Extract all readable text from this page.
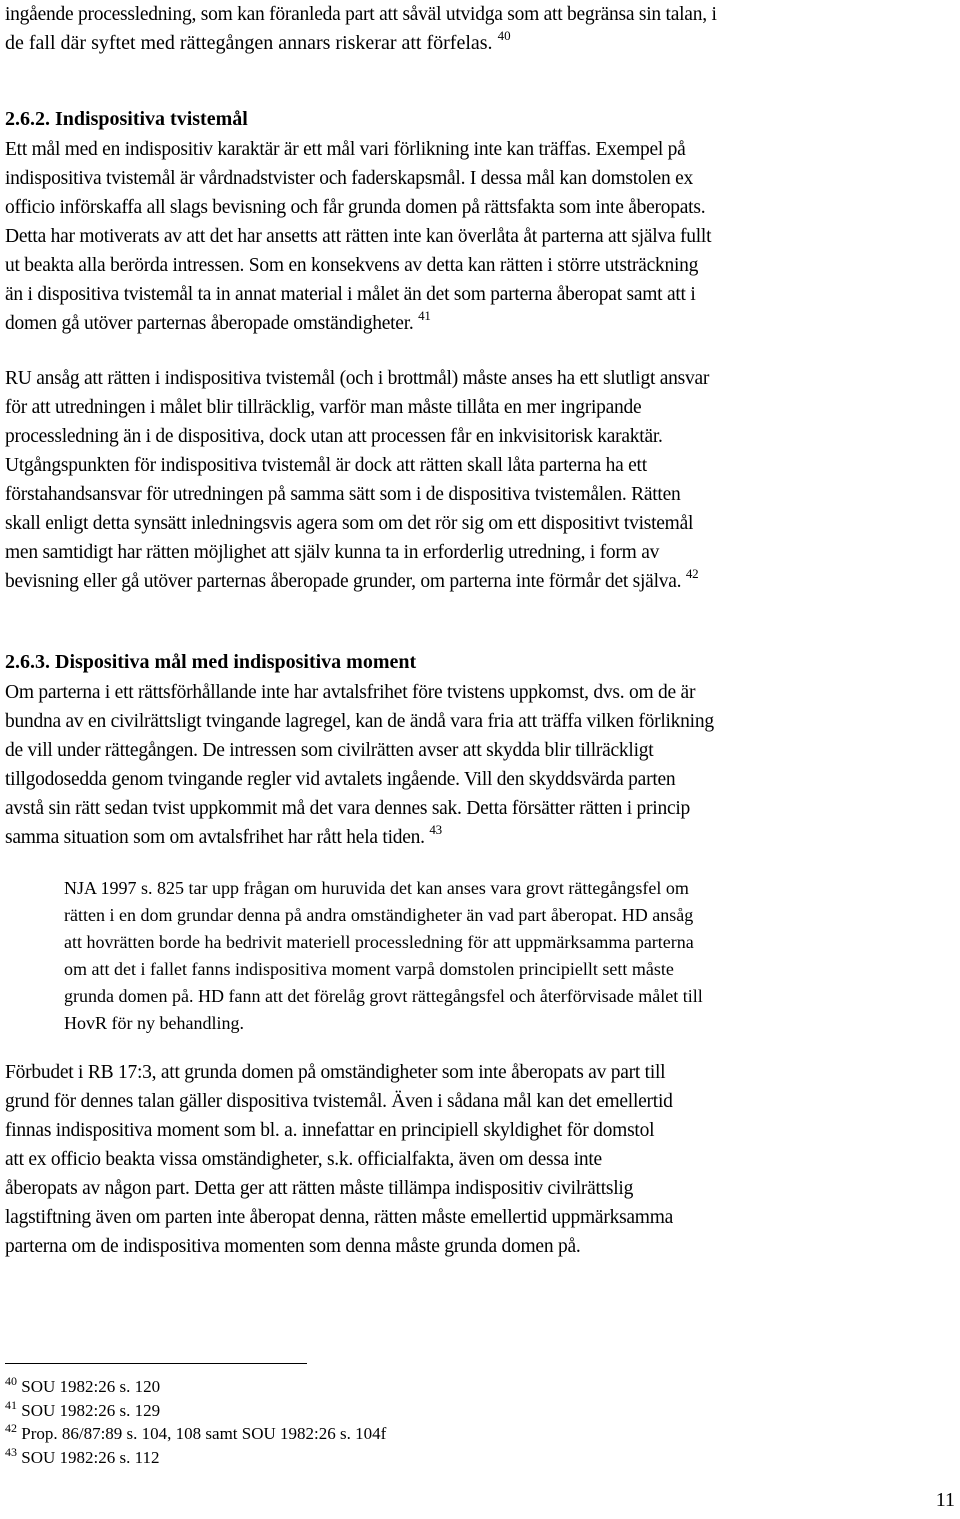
ingående processledning, som kan föranleda part att såväl utvidga som att begränsa sin talan, i

de fall där syftet med rättegången annars riskerar att förfelas. $^{40}$

2.6.2. Indispositiva tvistemål

Ett mål med en indispositiv karaktär är ett mål vari förlikning inte kan träffas. Exempel på

indispositiva tvistemål är vårdnadstvister och faderskapsmål. I dessa mål kan domstolen ex

officio införskaffa all slags bevisning och får grunda domen på rättsfakta som inte åberopats.

Detta har motiverats av att det har ansetts att rätten inte kan överlåta åt parterna att själva fullt

ut beakta alla berörda intressen. Som en konsekvens av detta kan rätten i större utsträckning

än i dispositiva tvistemål ta in annat material i målet än det som parterna åberopat samt att i

domen gå utöver parternas åberopade omständigheter. $^{41}$

RU ansåg att rätten i indispositiva tvistemål (och i brottmål) måste anses ha ett slutligt ansvar

för att utredningen i målet blir tillräcklig, varför man måste tillåta en mer ingripande

processledning än i de dispositiva, dock utan att processen får en inkvisitorisk karaktär.

Utgångspunkten för indispositiva tvistemål är dock att rätten skall låta parterna ha ett

förstahandsansvar för utredningen på samma sätt som i de dispositiva tvistemålen. Rätten

skall enligt detta synsätt inledningsvis agera som om det rör sig om ett dispositivt tvistemål

men samtidigt har rätten möjlighet att själv kunna ta in erforderlig utredning, i form av

bevisning eller gå utöver parternas åberopade grunder, om parterna inte förmår det själva. $^{42}$

2.6.3. Dispositiva mål med indispositiva moment

Om parterna i ett rättsförhållande inte har avtalsfrihet före tvistens uppkomst, dvs. om de är

bundna av en civilrättsligt tvingande lagregel, kan de ändå vara fria att träffa vilken förlikning

de vill under rättegången. De intressen som civilrätten avser att skydda blir tillräckligt

tillgodosedda genom tvingande regler vid avtalets ingående. Vill den skyddsvärda parten

avstå sin rätt sedan tvist uppkommit må det vara dennes sak. Detta försätter rätten i princip

samma situation som om avtalsfrihet har rått hela tiden. $^{43}$

NJA 1997 s. 825 tar upp frågan om huruvida det kan anses vara grovt rättegångsfel om

rätten i en dom grundar denna på andra omständigheter än vad part åberopat. HD ansåg

att hovrätten borde ha bedrivit materiell processledning för att uppmärksamma parterna

om att det i fallet fanns indispositiva moment varpå domstolen principiellt sett måste

grunda domen på. HD fann att det förelåg grovt rättegångsfel och återförvisade målet till

HovR för ny behandling.

Förbudet i RB 17:3, att grunda domen på omständigheter som inte åberopats av part till

grund för dennes talan gäller dispositiva tvistemål. Även i sådana mål kan det emellertid

finnas indispositiva moment som bl. a. innefattar en principiell skyldighet för domstol

att ex officio beakta vissa omständigheter, s.k. officialfakta, även om dessa inte

åberopats av någon part. Detta ger att rätten måste tillämpa indispositiv civilrättslig

lagstiftning även om parten inte åberopat denna, rätten måste emellertid uppmärksamma

parterna om de indispositiva momenten som denna måste grunda domen på.

$^{40}$ SOU 1982:26 s. 120

$^{41}$ SOU 1982:26 s. 129

$^{42}$ Prop. 86/87:89 s. 104, 108 samt SOU 1982:26 s. 104f

$^{43}$ SOU 1982:26 s. 112

11
